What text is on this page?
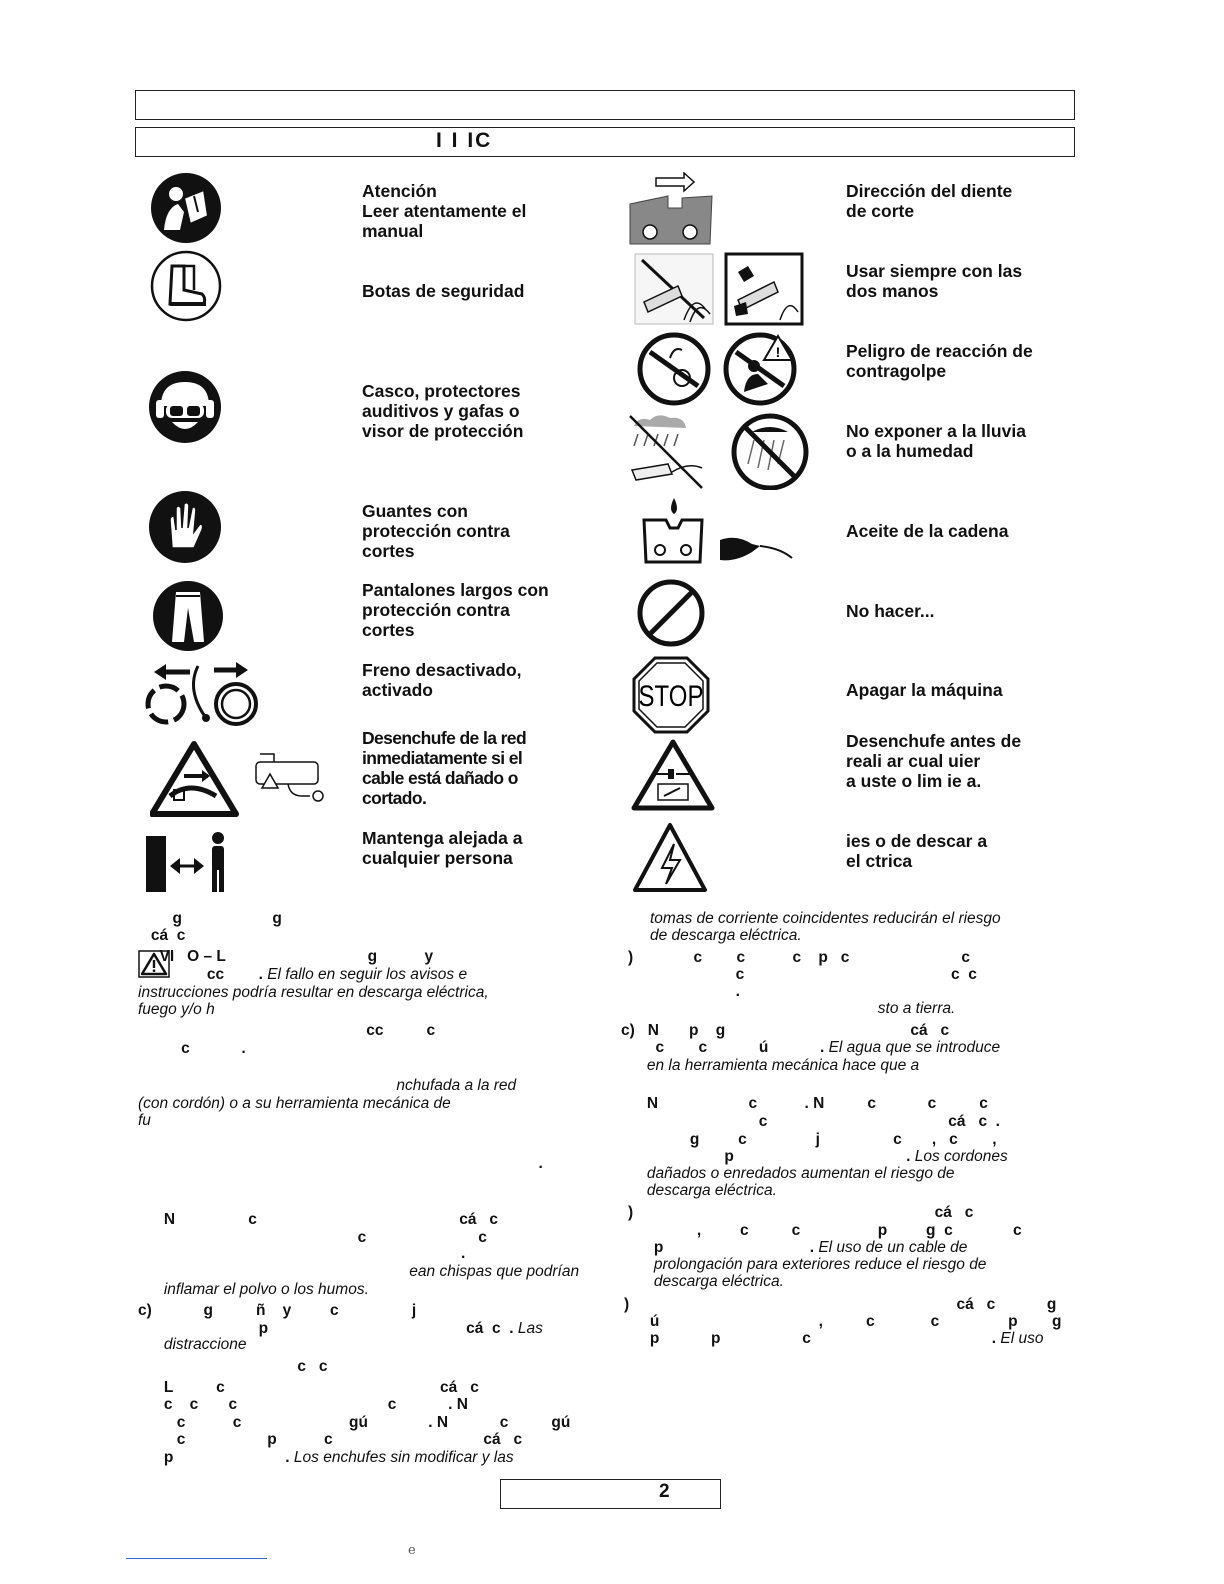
I I IC
Atención
Leer atentamente el
manual
Botas de seguridad
Casco, protectores
auditivos y gafas o
visor de protección
Guantes con
protección contra
cortes
Pantalones largos con
protección contra
cortes
Freno desactivado,
activado
Desenchufe de la red
inmediatamente si el
cable está dañado o
cortado.
Mantenga alejada a
cualquier persona
Dirección del diente
de corte
Usar siempre con las
dos manos
!	Peligro de reacción de
contragolpe
No exponer a la lluvia
o a la humedad
Aceite de la cadena
No hacer...
STOP	Apagar la máquina
Desenchufe antes de
reali ar cual uier
a uste o lim ie a.
ies o de descar a
el ctrica
g                     g
cá  c
VI   O – L                                 g           y
cc        . El fallo en seguir los avisos e
instrucciones podría resultar en descarga eléctrica,
fuego y/o h
cc          c
c            .
nchufada a la red
(con cordón) o a su herramienta mecánica de
fu
.
N                 c                                               cá   c
c                          c
.
ean chispas que podrían
inflamar el polvo o los humos.
c)            g          ñ    y         c                 j
p                                              cá  c  . Las
distraccione
c   c
L          c                                                  cá   c
c    c       c                                   c            . N
c           c                         gú              . N            c          gú
c                   p           c                                   cá   c
p                          . Los enchufes sin modificar y las
tomas de corriente coincidentes reducirán el riesgo
de descarga eléctrica.
)              c        c           c    p   c                          c
c                                                c  c
.
sto a tierra.
c)   N       p    g                                           cá   c
c        c            ú            . El agua que se introduce
en la herramienta mecánica hace que a
N                     c           . N          c            c          c
c                                          cá   c  .
g         c                j                 c       ,   c        ,
p                                        . Los cordones
dañados o enredados aumentan el riesgo de
descarga eléctrica.
)                                                                      cá   c
,         c          c                  p         g  c              c
p                                  . El uso de un cable de
prolongación para exteriores reduce el riesgo de
descarga eléctrica.
)                                                                            cá   c            g
ú                                     ,          c             c                p        g
p            p                   c                                          . El uso
2
e
